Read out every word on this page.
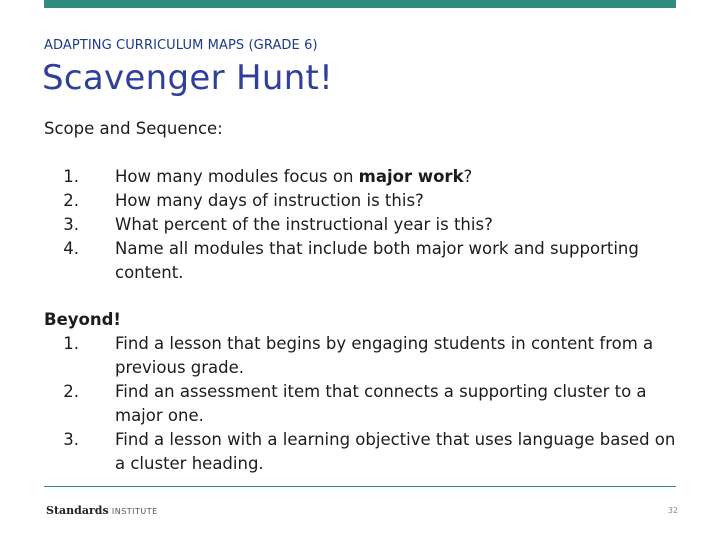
ADAPTING CURRICULUM MAPS (GRADE 6)
Scavenger Hunt!
Scope and Sequence:
1. How many modules focus on major work?
2. How many days of instruction is this?
3. What percent of the instructional year is this?
4. Name all modules that include both major work and supporting content.
Beyond!
1. Find a lesson that begins by engaging students in content from a previous grade.
2. Find an assessment item that connects a supporting cluster to a major one.
3. Find a lesson with a learning objective that uses language based on a cluster heading.
Standards INSTITUTE	32
